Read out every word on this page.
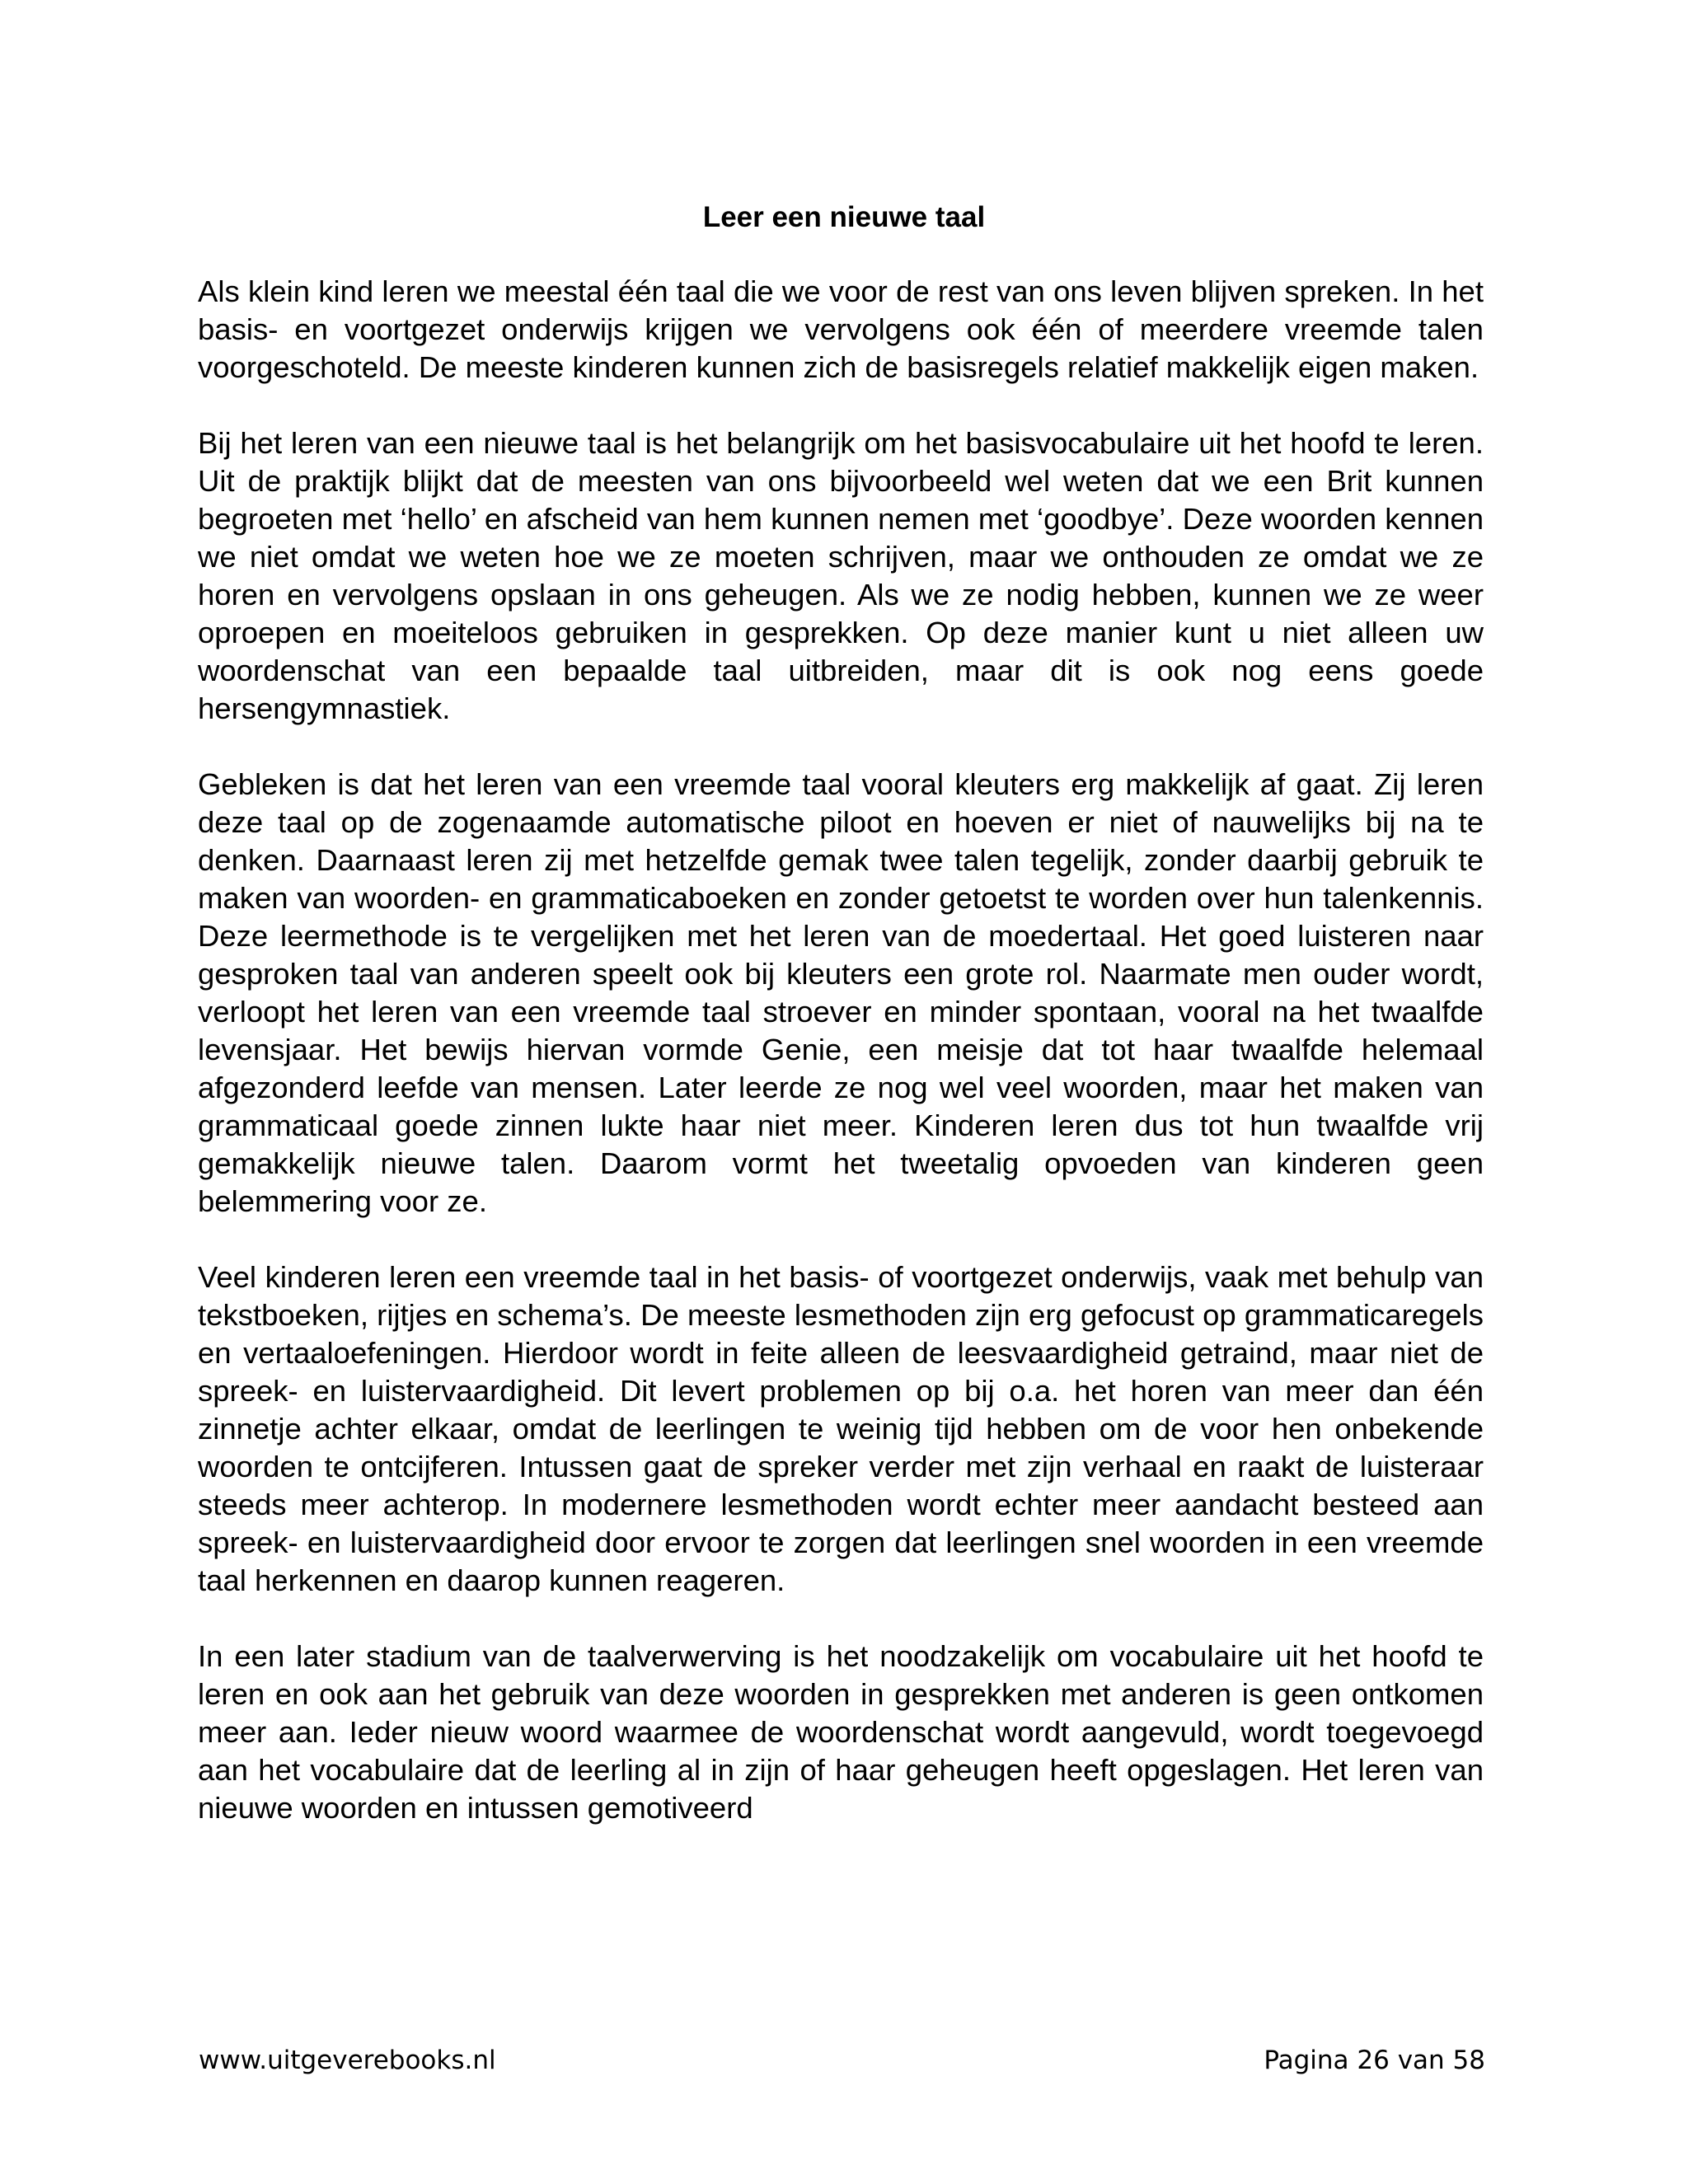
Leer een nieuwe taal

Als klein kind leren we meestal één taal die we voor de rest van ons leven blijven spreken. In het basis- en voortgezet onderwijs krijgen we vervolgens ook één of meerdere vreemde talen voorgeschoteld. De meeste kinderen kunnen zich de basisregels relatief makkelijk eigen maken.

Bij het leren van een nieuwe taal is het belangrijk om het basisvocabulaire uit het hoofd te leren. Uit de praktijk blijkt dat de meesten van ons bijvoorbeeld wel weten dat we een Brit kunnen begroeten met ‘hello’ en afscheid van hem kunnen nemen met ‘goodbye’. Deze woorden kennen we niet omdat we weten hoe we ze moeten schrijven, maar we onthouden ze omdat we ze horen en vervolgens opslaan in ons geheugen. Als we ze nodig hebben, kunnen we ze weer oproepen en moeiteloos gebruiken in gesprekken. Op deze manier kunt u niet alleen uw woordenschat van een bepaalde taal uitbreiden, maar dit is ook nog eens goede hersengymnastiek.

Gebleken is dat het leren van een vreemde taal vooral kleuters erg makkelijk af gaat. Zij leren deze taal op de zogenaamde automatische piloot en hoeven er niet of nauwelijks bij na te denken. Daarnaast leren zij met hetzelfde gemak twee talen tegelijk, zonder daarbij gebruik te maken van woorden- en grammaticaboeken en zonder getoetst te worden over hun talenkennis. Deze leermethode is te vergelijken met het leren van de moedertaal. Het goed luisteren naar gesproken taal van anderen speelt ook bij kleuters een grote rol. Naarmate men ouder wordt, verloopt het leren van een vreemde taal stroever en minder spontaan, vooral na het twaalfde levensjaar. Het bewijs hiervan vormde Genie, een meisje dat tot haar twaalfde helemaal afgezonderd leefde van mensen. Later leerde ze nog wel veel woorden, maar het maken van grammaticaal goede zinnen lukte haar niet meer. Kinderen leren dus tot hun twaalfde vrij gemakkelijk nieuwe talen. Daarom vormt het tweetalig opvoeden van kinderen geen belemmering voor ze.

Veel kinderen leren een vreemde taal in het basis- of voortgezet onderwijs, vaak met behulp van tekstboeken, rijtjes en schema’s. De meeste lesmethoden zijn erg gefocust op grammaticaregels en vertaaloefeningen. Hierdoor wordt in feite alleen de leesvaardigheid getraind, maar niet de spreek- en luistervaardigheid. Dit levert problemen op bij o.a. het horen van meer dan één zinnetje achter elkaar, omdat de leerlingen te weinig tijd hebben om de voor hen onbekende woorden te ontcijferen. Intussen gaat de spreker verder met zijn verhaal en raakt de luisteraar steeds meer achterop. In modernere lesmethoden wordt echter meer aandacht besteed aan spreek- en luistervaardigheid door ervoor te zorgen dat leerlingen snel woorden in een vreemde taal herkennen en daarop kunnen reageren.

In een later stadium van de taalverwerving is het noodzakelijk om vocabulaire uit het hoofd te leren en ook aan het gebruik van deze woorden in gesprekken met anderen is geen ontkomen meer aan. Ieder nieuw woord waarmee de woordenschat wordt aangevuld, wordt toegevoegd aan het vocabulaire dat de leerling al in zijn of haar geheugen heeft opgeslagen. Het leren van nieuwe woorden en intussen gemotiveerd

www.uitgeverebooks.nl	Pagina 26 van 58
